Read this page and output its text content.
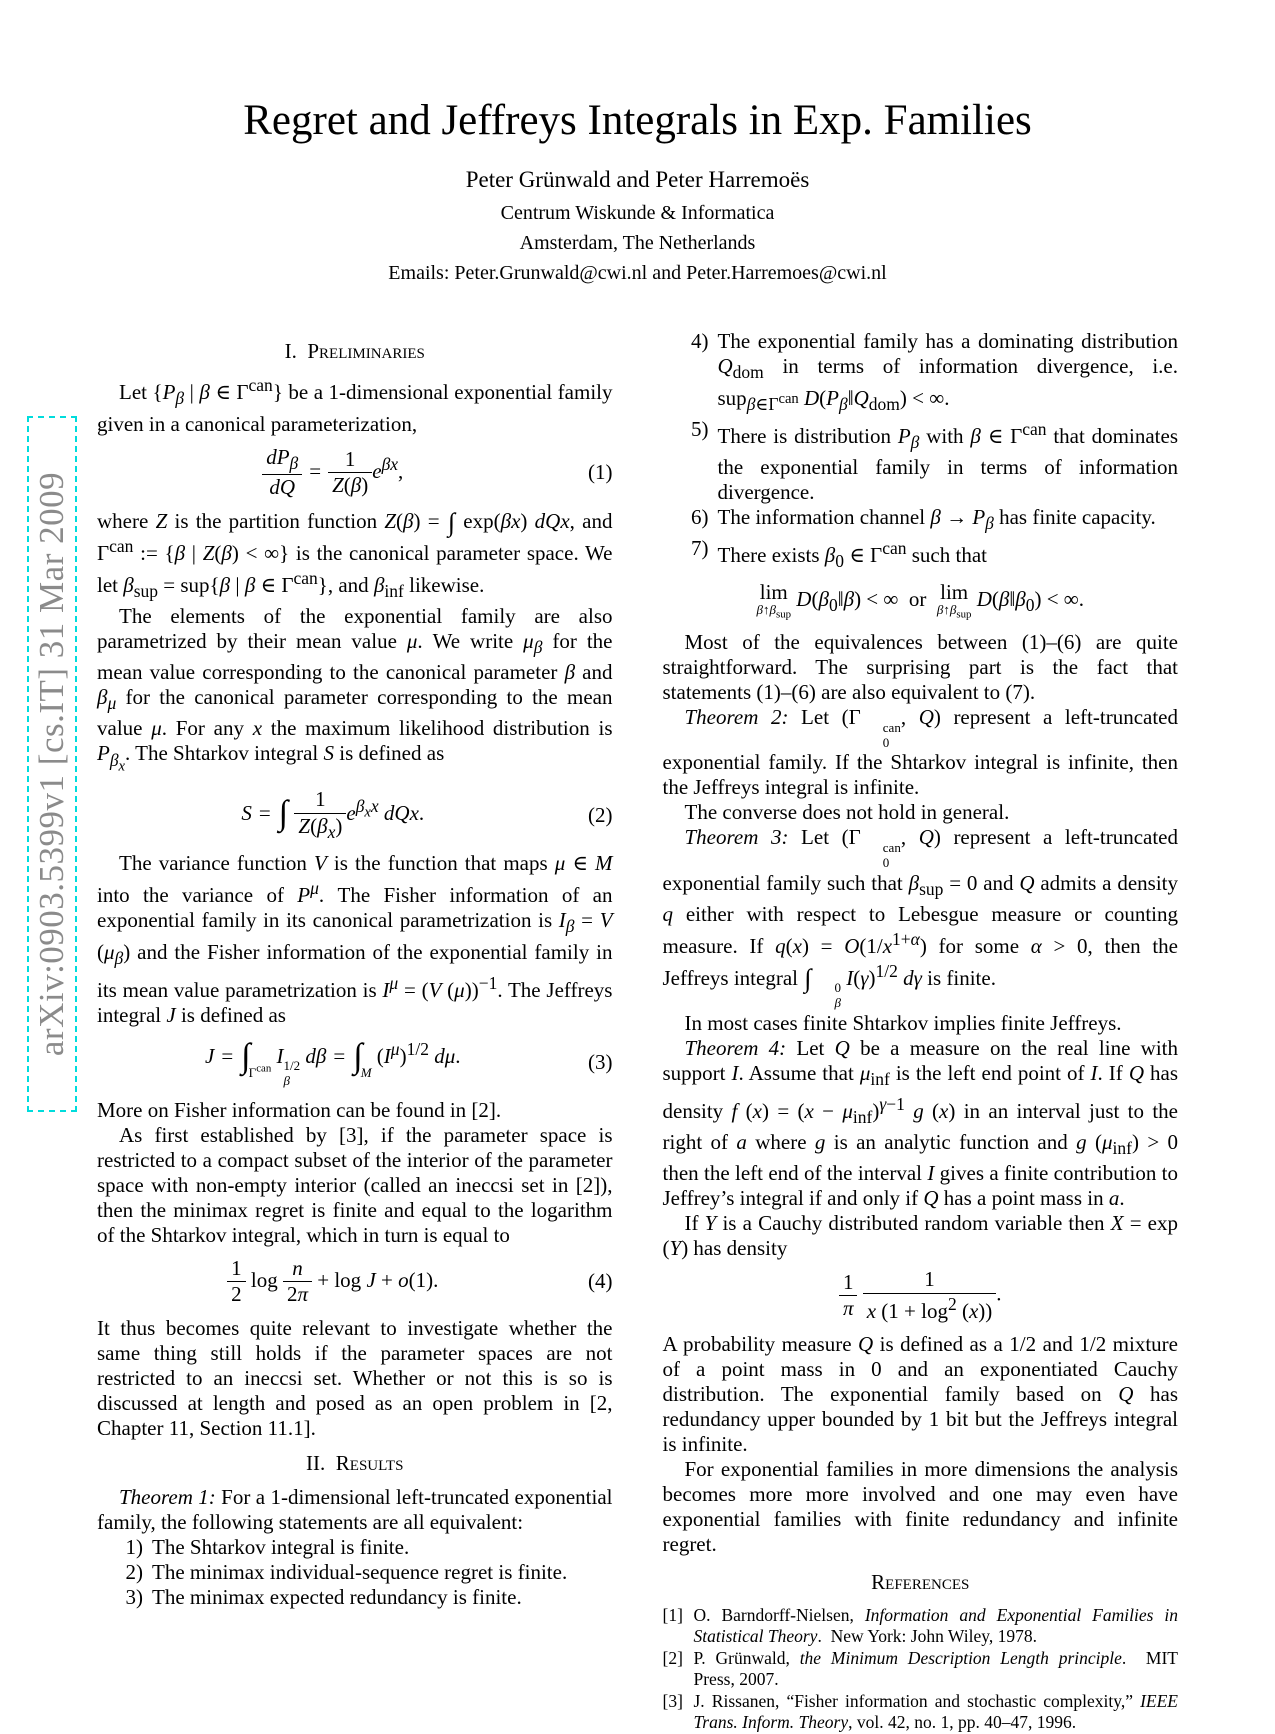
arXiv:0903.5399v1 [cs.IT] 31 Mar 2009
Regret and Jeffreys Integrals in Exp. Families
Peter Grünwald and Peter Harremoës
Centrum Wiskunde & Informatica
Amsterdam, The Netherlands
Emails: Peter.Grunwald@cwi.nl and Peter.Harremoes@cwi.nl
I.  Preliminaries

Let {$P_\beta$ | β ∈ $\Gamma^{can}$} be a 1-dimensional exponential family given in a canonical parameterization,

$dP_\beta$
dQ
= $\frac{1}{Z(\beta)} e^{\beta x}$,	(1)

where Z is the partition function Z(β) = ∫ exp(βx) dQx, and $\Gamma^{can}$ := {β | Z(β) < ∞} is the canonical parameter space. We let $\beta_{sup} = sup\{\beta$ | β ∈ $\Gamma^{can}$}, and $\beta_{inf}$ likewise.

The elements of the exponential family are also parametrized by their mean value μ. We write $\mu_\beta$ for the mean value corresponding to the canonical parameter β and $\beta_\mu$ for the canonical parameter corresponding to the mean value μ. For any x the maximum likelihood distribution is $P_{\beta_x}$. The Shtarkov integral S is defined as

S = ∫ $\frac{1}{Z(\beta_x)} e^{\beta_xx}$ dQx.	(2)

The variance function V is the function that maps μ ∈ M into the variance of $P^\mu$. The Fisher information of an exponential family in its canonical parametrization is $I_\beta = V$ $(\mu_\beta)$ and the Fisher information of the exponential family in its mean value parametrization is $I^\mu = (V$ (μ))$^{-1}$. The Jeffreys integral J is defined as

$J = \int_{\Gamma^{can}}$ I 1/2
β
$d\beta = \int_M$ $(I^\mu)^{1/2}$ dμ.	(3)

More on Fisher information can be found in [2].

As first established by [3], if the parameter space is restricted to a compact subset of the interior of the parameter space with non-empty interior (called an ineccsi set in [2]), then the minimax regret is finite and equal to the logarithm of the Shtarkov integral, which in turn is equal to

$\frac{1}{2}$ $\log \frac{n}{2\pi} + \log J + o(1)$.	(4)

It thus becomes quite relevant to investigate whether the same thing still holds if the parameter spaces are not restricted to an ineccsi set. Whether or not this is so is discussed at length and posed as an open problem in [2, Chapter 11, Section 11.1].

II.  Results

Theorem 1: For a 1-dimensional left-truncated exponential family, the following statements are all equivalent:

1) The Shtarkov integral is finite.
2) The minimax individual-sequence regret is finite.
3) The minimax expected redundancy is finite.
4) The exponential family has a dominating distribution $Q_{dom}$ in terms of information divergence, i.e. sup$_{\beta\in\Gamma^{can}}$ $D(P_\beta‖Q_{dom})$ < ∞.
5) There is distribution $P_\beta$ with β ∈ $\Gamma^{can}$ that dominates the exponential family in terms of information divergence.
6) The information channel $\beta \to P_\beta$ has finite capacity.
7) There exists $\beta_0$ ∈ $\Gamma^{can}$ such that
lim
$\beta↑\beta_{sup}$
$D(\beta_0‖\beta)$ < ∞  or lim
$\beta↑\beta_{sup}$
$D(\beta‖\beta_0)$ < ∞.

Most of the equivalences between (1)–(6) are quite straightforward. The surprising part is the fact that statements (1)–(6) are also equivalent to (7).

Theorem 2: Let (Γ	can
0
, Q) represent a left-truncated exponential family. If the Shtarkov integral is infinite, then the Jeffreys integral is infinite.

The converse does not hold in general.

Theorem 3: Let (Γ	can
0
, Q) represent a left-truncated exponential family such that $\beta_{sup} = 0$ and Q admits a density q either with respect to Lebesgue measure or counting measure. If $q(x) = O(1/x^{1+\alpha})$ for some α > 0, then the Jeffreys integral ∫	0
β
$I(\gamma)^{1/2}$ dγ is finite.

In most cases finite Shtarkov implies finite Jeffreys.

Theorem 4: Let Q be a measure on the real line with support I. Assume that $\mu_{inf}$ is the left end point of I. If Q has density f $(x) = (x - \mu_{inf})^{\gamma-1}$ g (x) in an interval just to the right of a where g is an analytic function and g $(\mu_{inf}) > 0$ then the left end of the interval I gives a finite contribution to Jeffrey’s integral if and only if Q has a point mass in a.

If Y is a Cauchy distributed random variable then X = exp (Y) has density

$\frac{1}{\pi}$
$\frac{1}{x (1 + \log^2 (x))}$ .

A probability measure Q is defined as a 1/2 and 1/2 mixture of a point mass in 0 and an exponentiated Cauchy distribution. The exponential family based on Q has redundancy upper bounded by 1 bit but the Jeffreys integral is infinite.

For exponential families in more dimensions the analysis becomes more more involved and one may even have exponential families with finite redundancy and infinite regret.

References
[1] O. Barndorff-Nielsen, Information and Exponential Families in Statistical Theory.  New York: John Wiley, 1978.
[2] P. Grünwald, the Minimum Description Length principle.  MIT Press, 2007.
[3] J. Rissanen, “Fisher information and stochastic complexity,” IEEE Trans. Inform. Theory, vol. 42, no. 1, pp. 40–47, 1996.
